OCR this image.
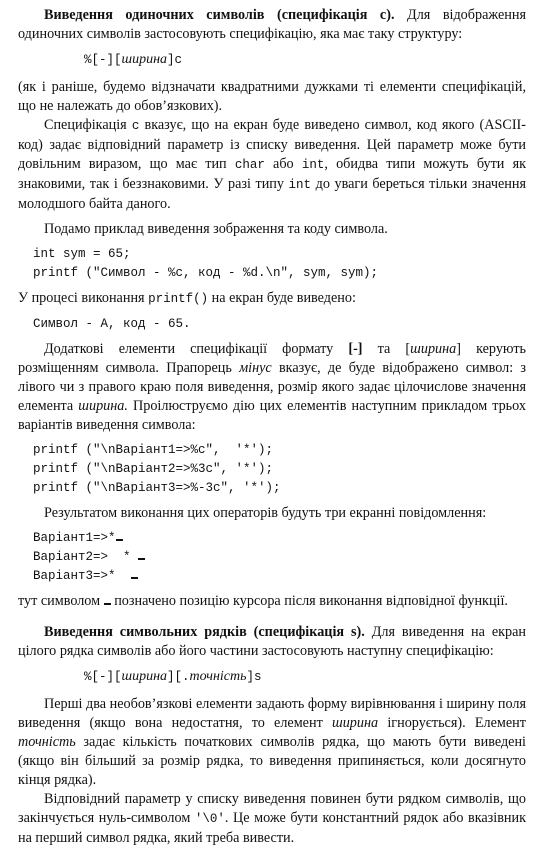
Виведення одиночних символів (специфікація c). Для відображення одиночних символів застосовують специфікацію, яка має таку структуру:

%[-][ширина]c

(як і раніше, будемо відзначати квадратними дужками ті елементи специфікацій, що не належать до обов’язкових).

Специфікація c вказує, що на екран буде виведено символ, код якого (ASCII-код) задає відповідний параметр із списку виведення. Цей параметр може бути довільним виразом, що має тип char або int, обидва типи можуть бути як знаковими, так і беззнаковими. У разі типу int до уваги береться тільки значення молодшого байта даного.

Подамо приклад виведення зображення та коду символа.

int sym = 65;
printf ("Символ - %c, код - %d.\n", sym, sym);

У процесі виконання printf() на екран буде виведено:

Символ - A, код - 65.

Додаткові елементи специфікації формату [-] та [ширина] керують розміщенням символа. Прапорець мінус вказує, де буде відображено символ: з лівого чи з правого краю поля виведення, розмір якого задає цілочислове значення елемента ширина. Проілюструємо дію цих елементів наступним прикладом трьох варіантів виведення символа:

printf ("\nВаріант1=>%c",  '*');
printf ("\nВаріант2=>%3c", '*');
printf ("\nВаріант3=>%-3c", '*');

Результатом виконання цих операторів будуть три екранні повідомлення:

Варіант1=>*
Варіант2=>  *
Варіант3=>*

тут символом  позначено позицію курсора після виконання відповідної функції.

Виведення символьних рядків (специфікація s). Для виведення на екран цілого рядка символів або його частини застосовують наступну специфікацію:

%[-][ширина][.точність]s

Перші два необов’язкові елементи задають форму вирівнювання і ширину поля виведення (якщо вона недостатня, то елемент ширина ігнорується). Елемент точність задає кількість початкових символів рядка, що мають бути виведені (якщо він більший за розмір рядка, то виведення припиняється, коли досягнуто кінця рядка).

Відповідний параметр у списку виведення повинен бути рядком символів, що закінчується нуль-символом '\0'. Це може бути константний рядок або вказівник на перший символ рядка, який треба вивести.
